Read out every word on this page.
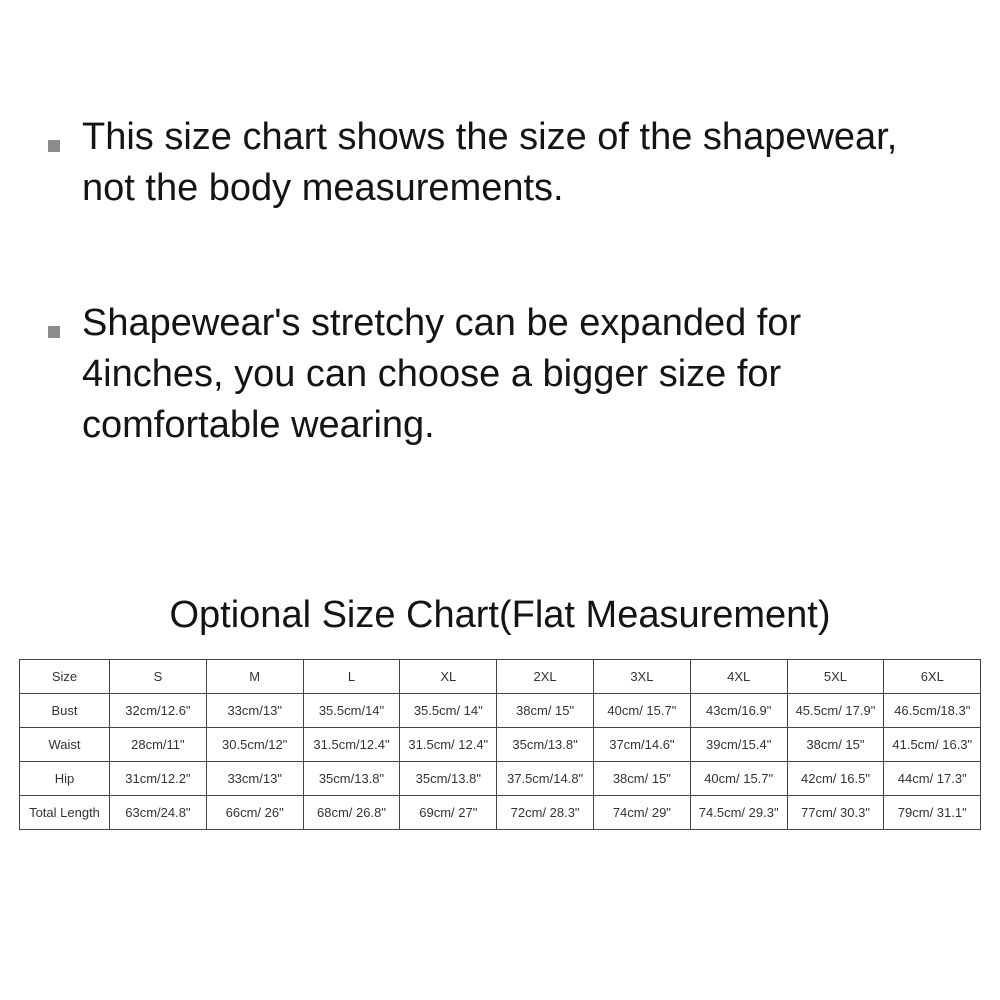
This size chart shows the size of the shapewear, not the body measurements.
Shapewear's stretchy can be expanded for 4inches, you can choose a bigger size for comfortable wearing.
Optional Size Chart(Flat Measurement)
Size	S	M	L	XL	2XL	3XL	4XL	5XL	6XL
Bust	32cm/12.6"	33cm/13"	35.5cm/14"	35.5cm/ 14"	38cm/ 15"	40cm/ 15.7"	43cm/16.9"	45.5cm/ 17.9"	46.5cm/18.3"
Waist	28cm/11"	30.5cm/12"	31.5cm/12.4"	31.5cm/ 12.4"	35cm/13.8"	37cm/14.6"	39cm/15.4"	38cm/ 15"	41.5cm/ 16.3"
Hip	31cm/12.2"	33cm/13"	35cm/13.8"	35cm/13.8"	37.5cm/14.8"	38cm/ 15"	40cm/ 15.7"	42cm/ 16.5"	44cm/ 17.3"
Total Length	63cm/24.8"	66cm/ 26"	68cm/ 26.8"	69cm/ 27"	72cm/ 28.3"	74cm/ 29"	74.5cm/ 29.3"	77cm/ 30.3"	79cm/ 31.1"
